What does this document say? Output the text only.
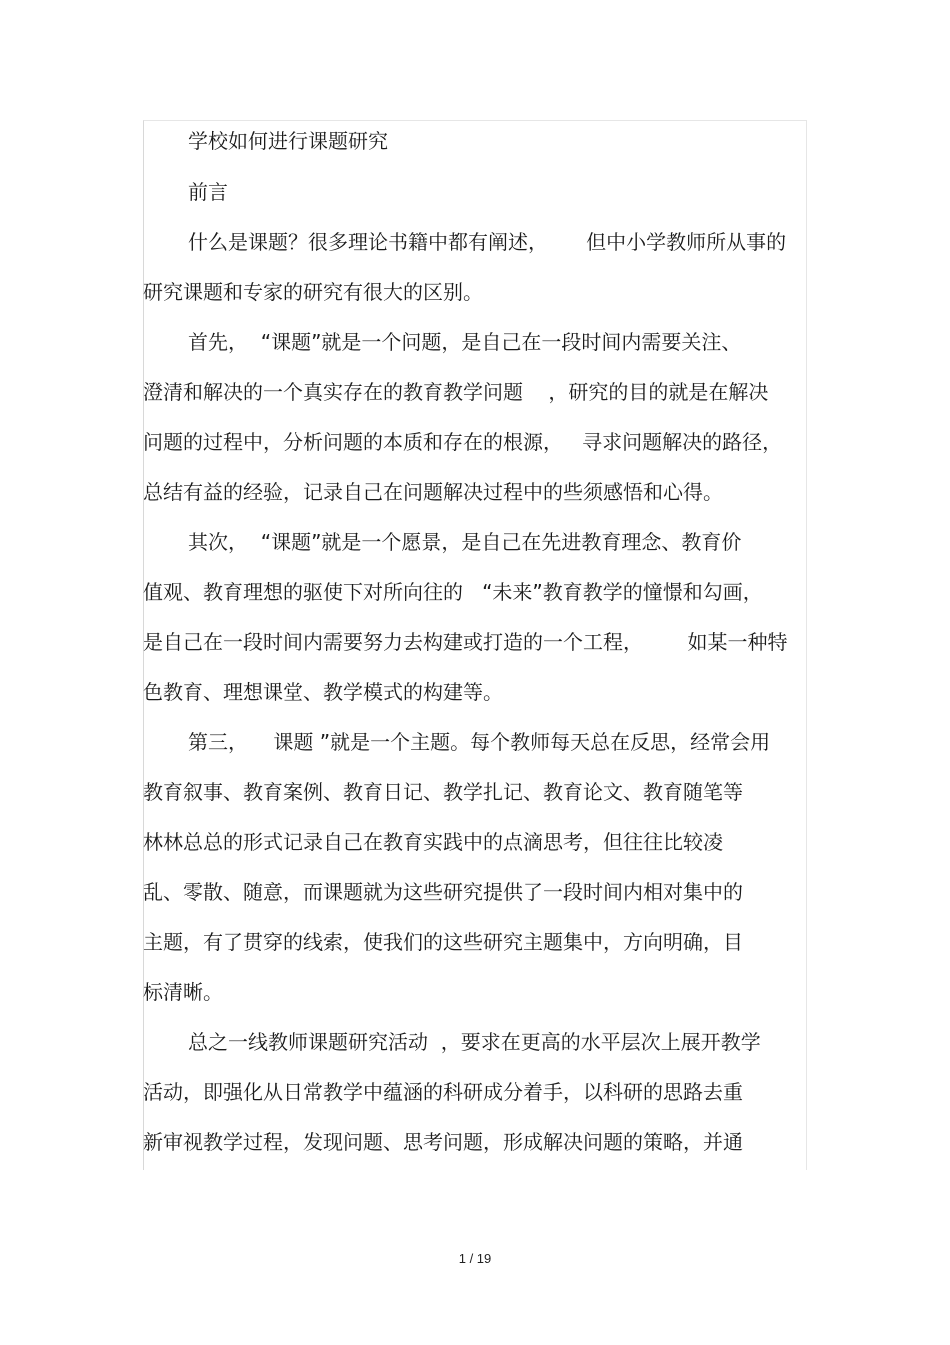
学校如何进行课题研究
前言
什么是课题？很多理论书籍中都有阐述，      但中小学教师所从事的
研究课题和专家的研究有很大的区别。
首先，  “课题”就是一个问题，是自己在一段时间内需要关注、
澄清和解决的一个真实存在的教育教学问题    ，研究的目的就是在解决
问题的过程中，分析问题的本质和存在的根源，   寻求问题解决的路径，
总结有益的经验，记录自己在问题解决过程中的些须感悟和心得。
其次，  “课题”就是一个愿景，是自己在先进教育理念、教育价
值观、教育理想的驱使下对所向往的   “未来”教育教学的憧憬和勾画，
是自己在一段时间内需要努力去构建或打造的一个工程，       如某一种特
色教育、理想课堂、教学模式的构建等。
第三，    课题 ”就是一个主题。每个教师每天总在反思，经常会用
教育叙事、教育案例、教育日记、教学扎记、教育论文、教育随笔等
林林总总的形式记录自己在教育实践中的点滴思考，但往往比较凌
乱、零散、随意，而课题就为这些研究提供了一段时间内相对集中的
主题，有了贯穿的线索，使我们的这些研究主题集中，方向明确，目
标清晰。
总之一线教师课题研究活动  ，要求在更高的水平层次上展开教学
活动，即强化从日常教学中蕴涵的科研成分着手，以科研的思路去重
新审视教学过程，发现问题、思考问题，形成解决问题的策略，并通
1 / 19
